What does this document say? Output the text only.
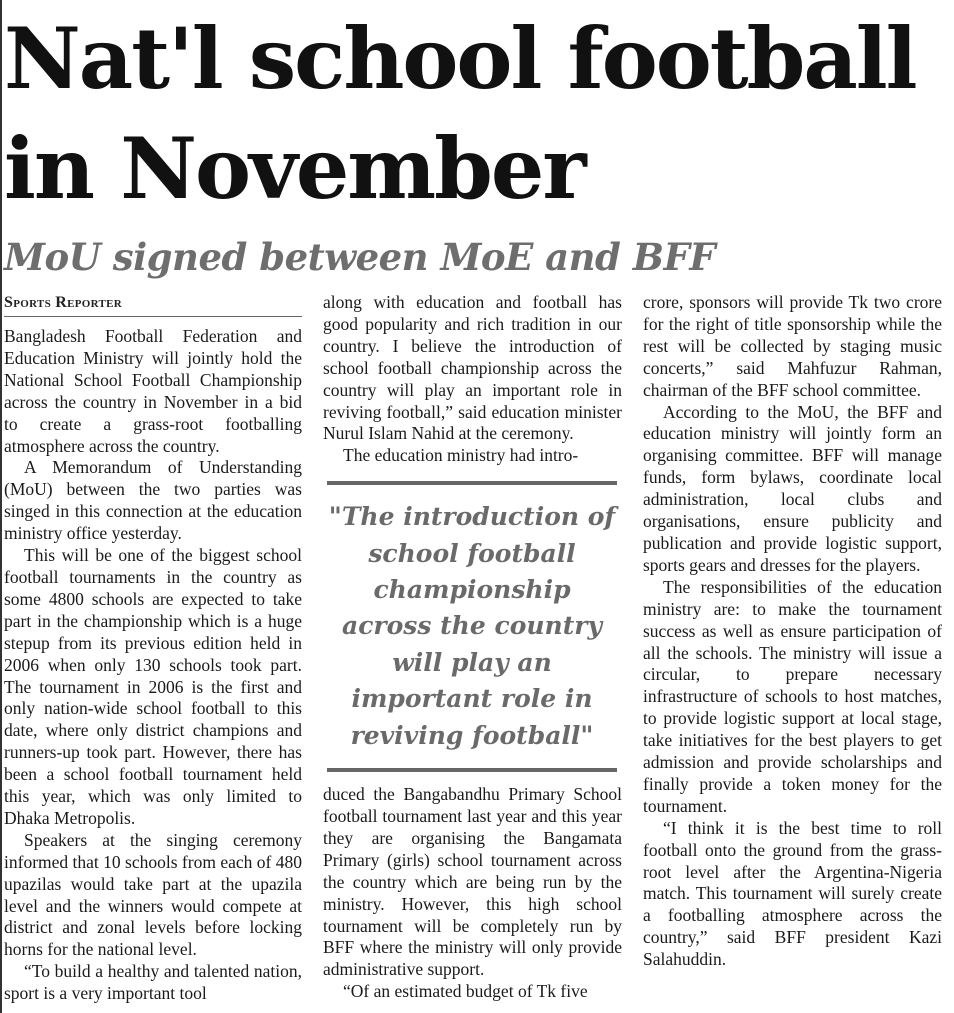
Nat'l school football in November
MoU signed between MoE and BFF
Sports Reporter

Bangladesh Football Federation and Education Ministry will jointly hold the National School Football Championship across the country in November in a bid to create a grass-root footballing atmosphere across the country.

A Memorandum of Understanding (MoU) between the two parties was singed in this connection at the education ministry office yesterday.

This will be one of the biggest school football tournaments in the country as some 4800 schools are expected to take part in the championship which is a huge stepup from its previous edition held in 2006 when only 130 schools took part. The tournament in 2006 is the first and only nation-wide school football to this date, where only district champions and runners-up took part. However, there has been a school football tournament held this year, which was only limited to Dhaka Metropolis.

Speakers at the singing ceremony informed that 10 schools from each of 480 upazilas would take part at the upazila level and the winners would compete at district and zonal levels before locking horns for the national level.

“To build a healthy and talented nation, sport is a very important tool

along with education and football has good popularity and rich tradition in our country. I believe the introduction of school football championship across the country will play an important role in reviving football,” said education minister Nurul Islam Nahid at the ceremony.

The education ministry had intro-

"The introduction of school football championship across the country will play an important role in reviving football"

duced the Bangabandhu Primary School football tournament last year and this year they are organising the Bangamata Primary (girls) school tournament across the country which are being run by the ministry. However, this high school tournament will be completely run by BFF where the ministry will only provide administrative support.

“Of an estimated budget of Tk five

crore, sponsors will provide Tk two crore for the right of title sponsorship while the rest will be collected by staging music concerts,” said Mahfuzur Rahman, chairman of the BFF school committee.

According to the MoU, the BFF and education ministry will jointly form an organising committee. BFF will manage funds, form bylaws, coordinate local administration, local clubs and organisations, ensure publicity and publication and provide logistic support, sports gears and dresses for the players.

The responsibilities of the education ministry are: to make the tournament success as well as ensure participation of all the schools. The ministry will issue a circular, to prepare necessary infrastructure of schools to host matches, to provide logistic support at local stage, take initiatives for the best players to get admission and provide scholarships and finally provide a token money for the tournament.

“I think it is the best time to roll football onto the ground from the grass-root level after the Argentina-Nigeria match. This tournament will surely create a footballing atmosphere across the country,” said BFF president Kazi Salahuddin.
